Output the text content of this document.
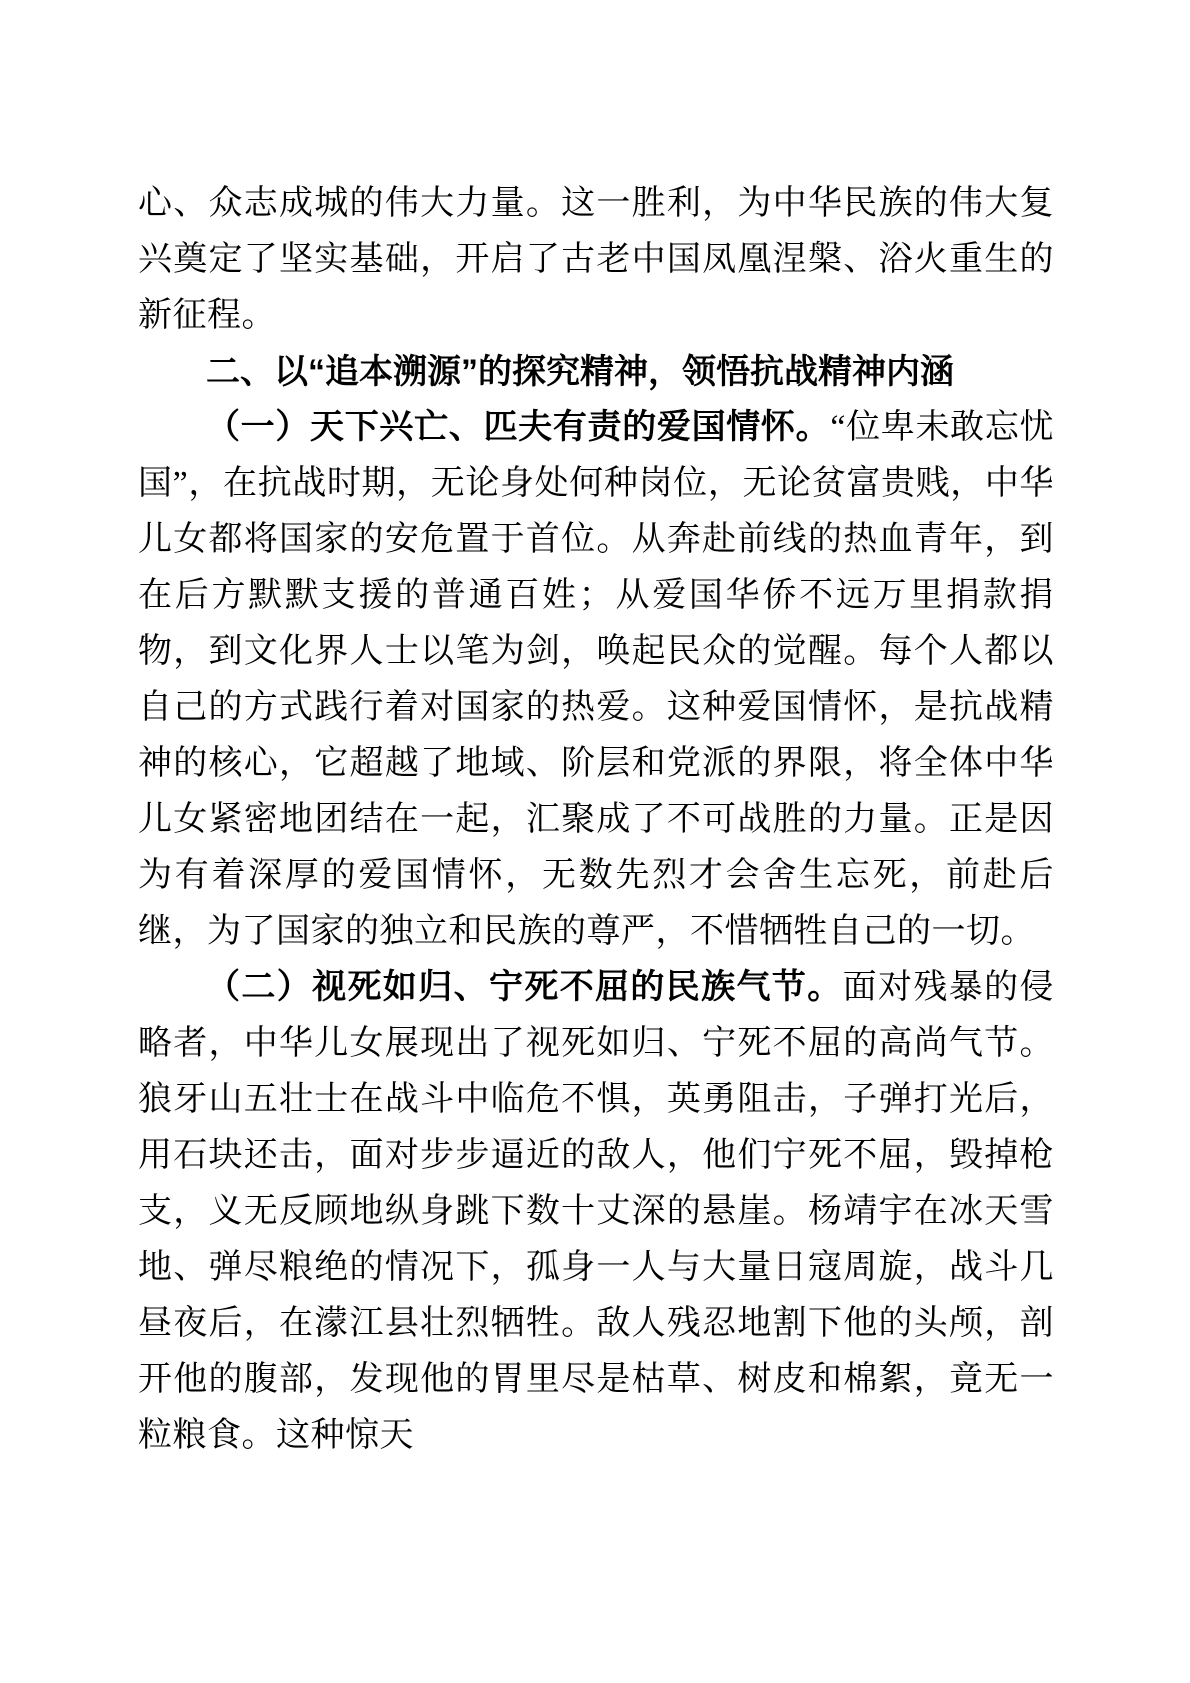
心、众志成城的伟大力量。这一胜利，为中华民族的伟大复兴奠定了坚实基础，开启了古老中国凤凰涅槃、浴火重生的新征程。

二、以“追本溯源”的探究精神，领悟抗战精神内涵

（一）天下兴亡、匹夫有责的爱国情怀。“位卑未敢忘忧国”，在抗战时期，无论身处何种岗位，无论贫富贵贱，中华儿女都将国家的安危置于首位。从奔赴前线的热血青年，到在后方默默支援的普通百姓；从爱国华侨不远万里捐款捐物，到文化界人士以笔为剑，唤起民众的觉醒。每个人都以自己的方式践行着对国家的热爱。这种爱国情怀，是抗战精神的核心，它超越了地域、阶层和党派的界限，将全体中华儿女紧密地团结在一起，汇聚成了不可战胜的力量。正是因为有着深厚的爱国情怀，无数先烈才会舍生忘死，前赴后继，为了国家的独立和民族的尊严，不惜牺牲自己的一切。

（二）视死如归、宁死不屈的民族气节。面对残暴的侵略者，中华儿女展现出了视死如归、宁死不屈的高尚气节。狼牙山五壮士在战斗中临危不惧，英勇阻击，子弹打光后，用石块还击，面对步步逼近的敌人，他们宁死不屈，毁掉枪支，义无反顾地纵身跳下数十丈深的悬崖。杨靖宇在冰天雪地、弹尽粮绝的情况下，孤身一人与大量日寇周旋，战斗几昼夜后，在濛江县壮烈牺牲。敌人残忍地割下他的头颅，剖开他的腹部，发现他的胃里尽是枯草、树皮和棉絮，竟无一粒粮食。这种惊天
